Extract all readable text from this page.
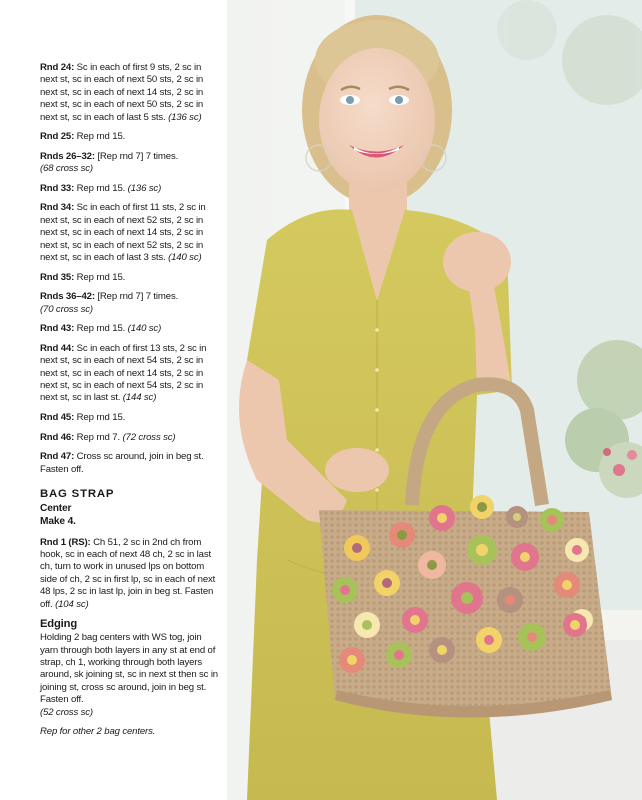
Rnd 24: Sc in each of first 9 sts, 2 sc in next st, sc in each of next 50 sts, 2 sc in next st, sc in each of next 14 sts, 2 sc in next st, sc in each of next 50 sts, 2 sc in next st, sc in each of last 5 sts. (136 sc)

Rnd 25: Rep rnd 15.

Rnds 26–32: [Rep rnd 7] 7 times.
(68 cross sc)

Rnd 33: Rep rnd 15. (136 sc)

Rnd 34: Sc in each of first 11 sts, 2 sc in next st, sc in each of next 52 sts, 2 sc in next st, sc in each of next 14 sts, 2 sc in next st, sc in each of next 52 sts, 2 sc in next st, sc in each of last 3 sts. (140 sc)

Rnd 35: Rep rnd 15.

Rnds 36–42: [Rep rnd 7] 7 times.
(70 cross sc)

Rnd 43: Rep rnd 15. (140 sc)

Rnd 44: Sc in each of first 13 sts, 2 sc in next st, sc in each of next 54 sts, 2 sc in next st, sc in each of next 14 sts, 2 sc in next st, sc in each of next 54 sts, 2 sc in next st, sc in last st. (144 sc)

Rnd 45: Rep rnd 15.

Rnd 46: Rep rnd 7. (72 cross sc)

Rnd 47: Cross sc around, join in beg st. Fasten off.

BAG STRAP
Center
Make 4.

Rnd 1 (RS): Ch 51, 2 sc in 2nd ch from hook, sc in each of next 48 ch, 2 sc in last ch, turn to work in unused lps on bottom side of ch, 2 sc in first lp, sc in each of next 48 lps, 2 sc in last lp, join in beg st. Fasten off. (104 sc)

Edging

Holding 2 bag centers with WS tog, join yarn through both layers in any st at end of strap, ch 1, working through both layers around, sk joining st, sc in next st then sc in joining st, cross sc around, join in beg st. Fasten off.
(52 cross sc)

Rep for other 2 bag centers.
